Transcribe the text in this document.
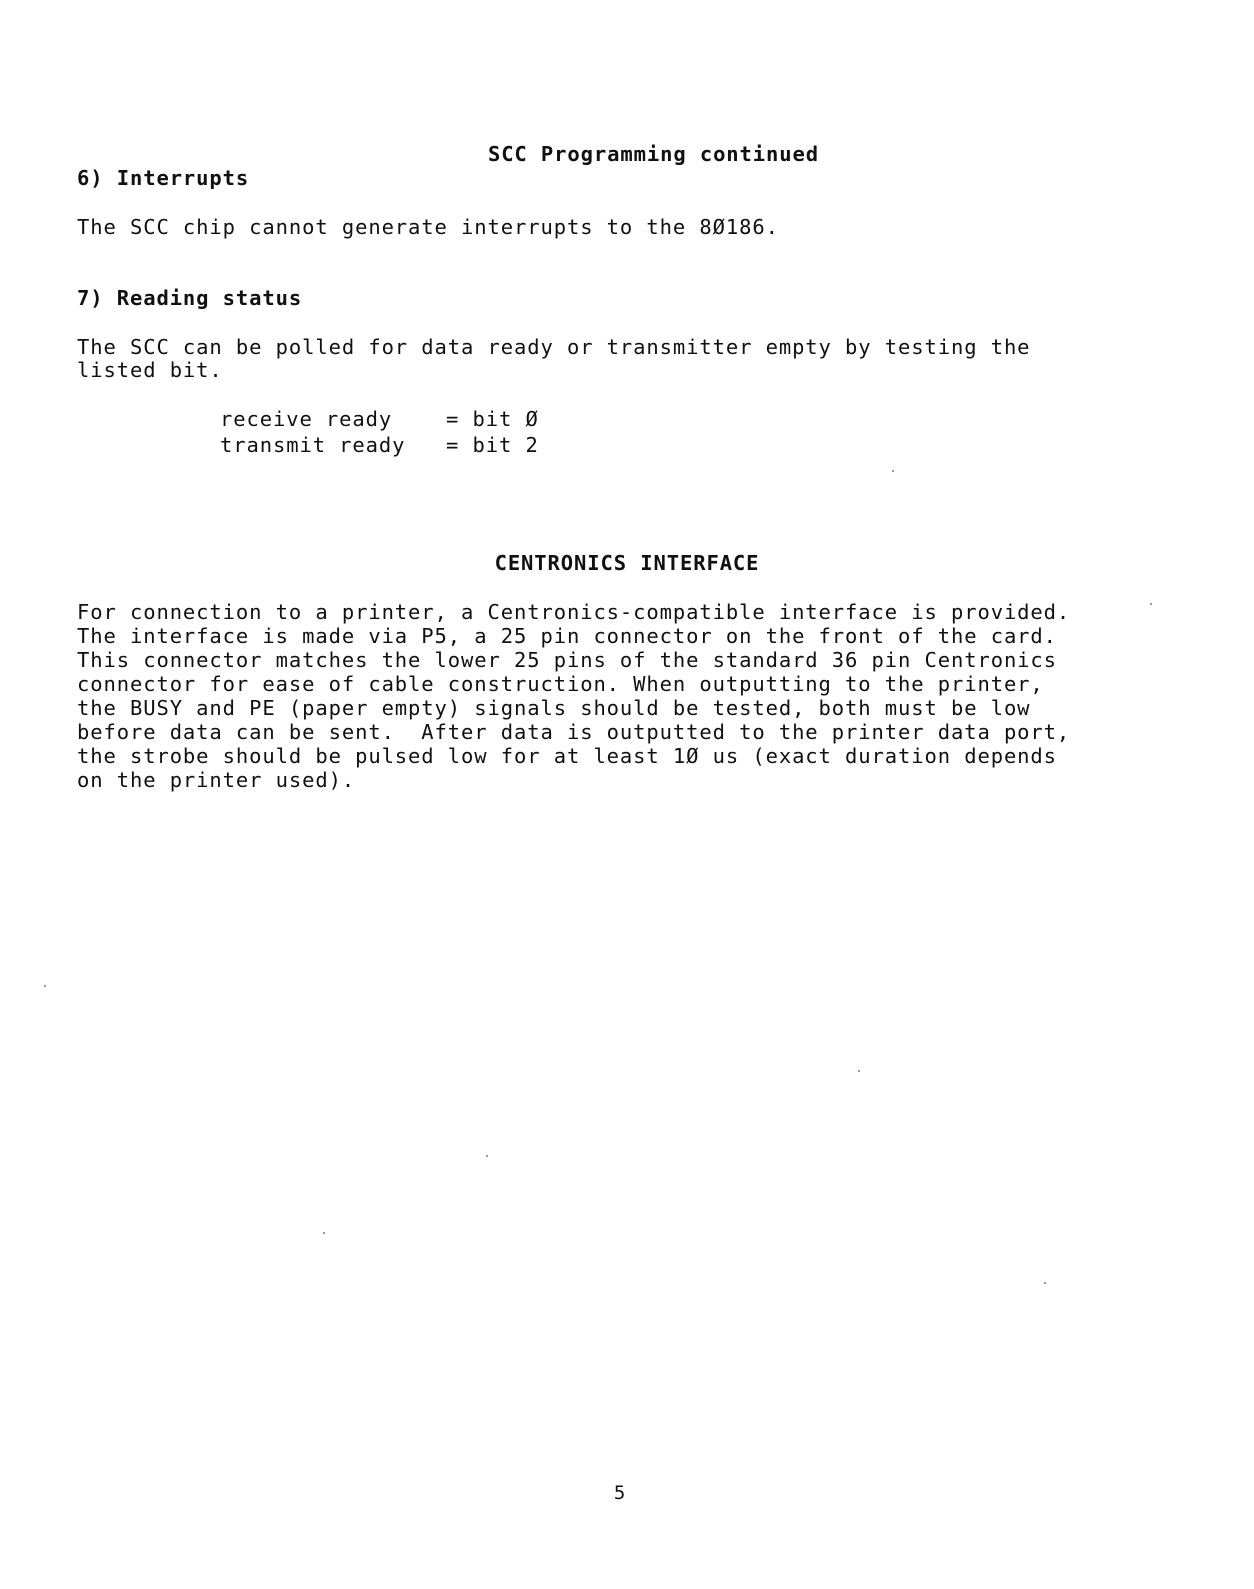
SCC Programming continued

6) Interrupts
The SCC chip cannot generate interrupts to the 8Ø186.
7) Reading status
The SCC can be polled for data ready or transmitter empty by testing the
listed bit.
receive ready	= bit Ø
transmit ready = bit 2
CENTRONICS INTERFACE
For connection to a printer, a Centronics-compatible interface is provided.
The interface is made via P5, a 25 pin connector on the front of the card.
This connector matches the lower 25 pins of the standard 36 pin Centronics
connector for ease of cable construction. When outputting to the printer,
the BUSY and PE (paper empty) signals should be tested, both must be low
before data can be sent.  After data is outputted to the printer data port,
the strobe should be pulsed low for at least 1Ø us (exact duration depends
on the printer used).
5
